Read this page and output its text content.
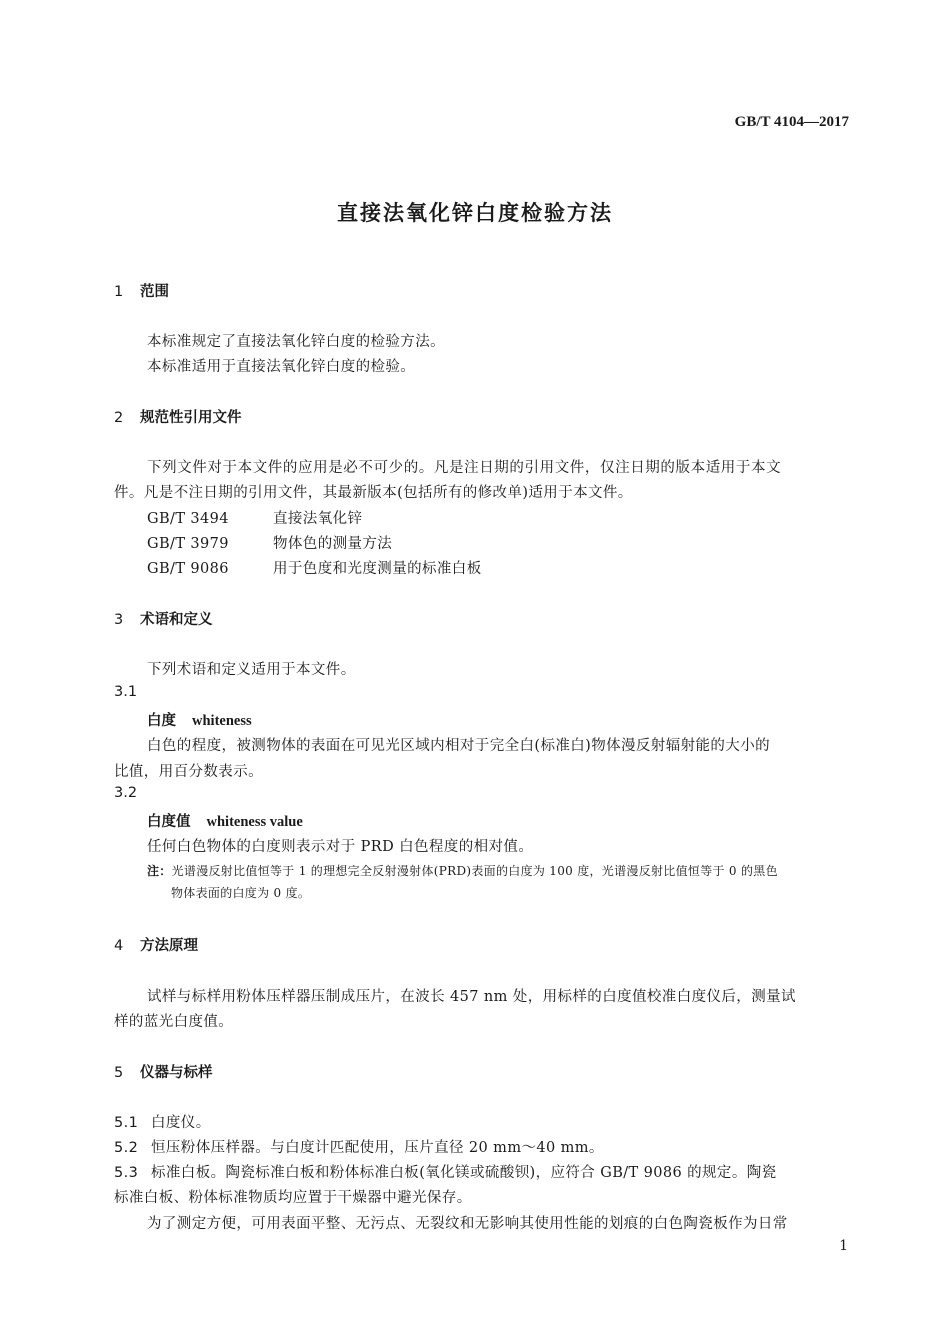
GB/T 4104—2017
直接法氧化锌白度检验方法
1 范围
本标准规定了直接法氧化锌白度的检验方法。
本标准适用于直接法氧化锌白度的检验。
2 规范性引用文件
下列文件对于本文件的应用是必不可少的。凡是注日期的引用文件，仅注日期的版本适用于本文
件。凡是不注日期的引用文件，其最新版本(包括所有的修改单)适用于本文件。
GB/T 3494	直接法氧化锌
GB/T 3979	物体色的测量方法
GB/T 9086	用于色度和光度测量的标准白板
3 术语和定义
下列术语和定义适用于本文件。
3.1
白度 whiteness
白色的程度，被测物体的表面在可见光区域内相对于完全白(标准白)物体漫反射辐射能的大小的
比值，用百分数表示。
3.2
白度值 whiteness value
任何白色物体的白度则表示对于 PRD 白色程度的相对值。
注：光谱漫反射比值恒等于 1 的理想完全反射漫射体(PRD)表面的白度为 100 度，光谱漫反射比值恒等于 0 的黑色
物体表面的白度为 0 度。
4 方法原理
试样与标样用粉体压样器压制成压片，在波长 457 nm 处，用标样的白度值校准白度仪后，测量试
样的蓝光白度值。
5 仪器与标样
5.1 白度仪。
5.2 恒压粉体压样器。与白度计匹配使用，压片直径 20 mm～40 mm。
5.3 标准白板。陶瓷标准白板和粉体标准白板(氧化镁或硫酸钡)，应符合 GB/T 9086 的规定。陶瓷
标准白板、粉体标准物质均应置于干燥器中避光保存。
为了测定方便，可用表面平整、无污点、无裂纹和无影响其使用性能的划痕的白色陶瓷板作为日常
1
